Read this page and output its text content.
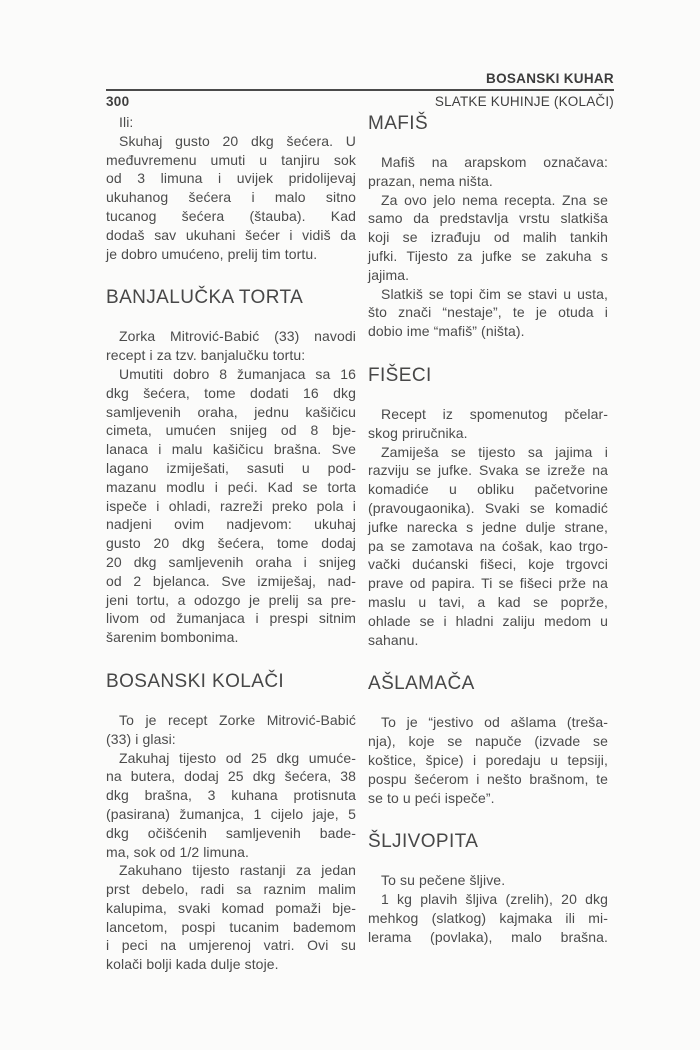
BOSANSKI KUHAR
300	SLATKE KUHINJE (KOLAČI)

Ili:

Skuhaj gusto 20 dkg šećera. U
međuvremenu umuti u tanjiru sok
od 3 limuna i uvijek pridolijevaj
ukuhanog šećera i malo sitno
tucanog šećera (štauba). Kad
dodaš sav ukuhani šećer i vidiš da
je dobro umućeno, prelij tim tortu.

BANJALUČKA TORTA

Zorka Mitrović-Babić (33) navodi
recept i za tzv. banjalučku tortu:

Umutiti dobro 8 žumanjaca sa 16
dkg šećera, tome dodati 16 dkg
samljevenih oraha, jednu kašičicu
cimeta, umućen snijeg od 8 bje-
lanaca i malu kašičicu brašna. Sve
lagano izmiješati, sasuti u pod-
mazanu modlu i peći. Kad se torta
ispeče i ohladi, razreži preko pola i
nadjeni ovim nadjevom: ukuhaj
gusto 20 dkg šećera, tome dodaj
20 dkg samljevenih oraha i snijeg
od 2 bjelanca. Sve izmiješaj, nad-
jeni tortu, a odozgo je prelij sa pre-
livom od žumanjaca i prespi sitnim
šarenim bombonima.

BOSANSKI KOLAČI

To je recept Zorke Mitrović-Babić
(33) i glasi:

Zakuhaj tijesto od 25 dkg umuće-
na butera, dodaj 25 dkg šećera, 38
dkg brašna, 3 kuhana protisnuta
(pasirana) žumanjca, 1 cijelo jaje, 5
dkg očišćenih samljevenih bade-
ma, sok od 1/2 limuna.

Zakuhano tijesto rastanji za jedan
prst debelo, radi sa raznim malim
kalupima, svaki komad pomaži bje-
lancetom, pospi tucanim bademom
i peci na umjerenoj vatri. Ovi su
kolači bolji kada dulje stoje.

MAFIŠ

Mafiš na arapskom označava:
prazan, nema ništa.

Za ovo jelo nema recepta. Zna se
samo da predstavlja vrstu slatkiša
koji se izrađuju od malih tankih
jufki. Tijesto za jufke se zakuha s
jajima.

Slatkiš se topi čim se stavi u usta,
što znači “nestaje”, te je otuda i
dobio ime “mafiš” (ništa).

FIŠECI

Recept iz spomenutog pčelar-
skog priručnika.

Zamiješa se tijesto sa jajima i
razviju se jufke. Svaka se izreže na
komadiće u obliku pačetvorine
(pravougaonika). Svaki se komadić
jufke narecka s jedne dulje strane,
pa se zamotava na ćošak, kao trgo-
vački dućanski fišeci, koje trgovci
prave od papira. Ti se fišeci prže na
maslu u tavi, a kad se poprže,
ohlade se i hladni zaliju medom u
sahanu.

AŠLAMAČA

To je “jestivo od ašlama (treša-
nja), koje se napuče (izvade se
koštice, špice) i poredaju u tepsiji,
pospu šećerom i nešto brašnom, te
se to u peći ispeče”.

ŠLJIVOPITA

To su pečene šljive.

1 kg plavih šljiva (zrelih), 20 dkg
mehkog (slatkog) kajmaka ili mi-
lerama (povlaka), malo brašna.
